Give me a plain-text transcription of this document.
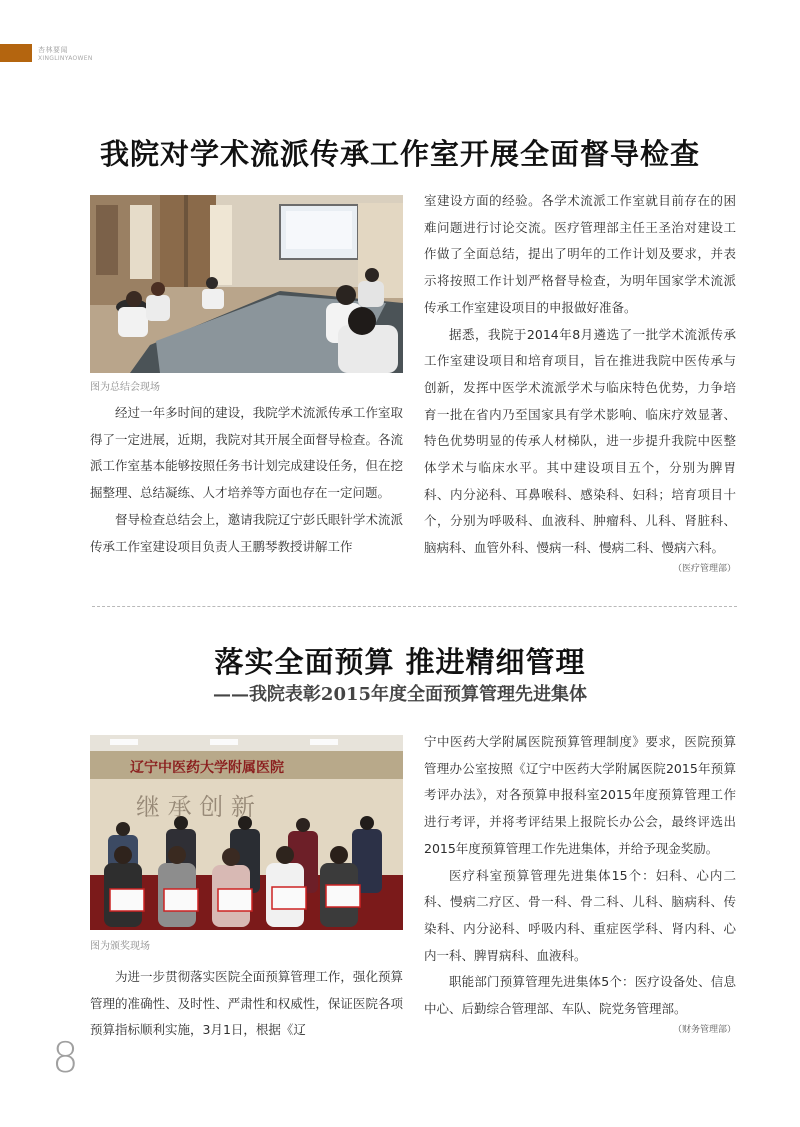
杏林要闻
XINGLINYAOWEN
我院对学术流派传承工作室开展全面督导检查
图为总结会现场

经过一年多时间的建设，我院学术流派传承工作室取得了一定进展，近期，我院对其开展全面督导检查。各流派工作室基本能够按照任务书计划完成建设任务，但在挖掘整理、总结凝练、人才培养等方面也存在一定问题。

督导检查总结会上，邀请我院辽宁彭氏眼针学术流派传承工作室建设项目负责人王鹏琴教授讲解工作

室建设方面的经验。各学术流派工作室就目前存在的困难问题进行讨论交流。医疗管理部主任王圣治对建设工作做了全面总结，提出了明年的工作计划及要求，并表示将按照工作计划严格督导检查，为明年国家学术流派传承工作室建设项目的申报做好准备。

据悉，我院于2014年8月遴选了一批学术流派传承工作室建设项目和培育项目，旨在推进我院中医传承与创新，发挥中医学术流派学术与临床特色优势，力争培育一批在省内乃至国家具有学术影响、临床疗效显著、特色优势明显的传承人材梯队，进一步提升我院中医整体学术与临床水平。其中建设项目五个，分别为脾胃科、内分泌科、耳鼻喉科、感染科、妇科；培育项目十个，分别为呼吸科、血液科、肿瘤科、儿科、肾脏科、脑病科、血管外科、慢病一科、慢病二科、慢病六科。

（医疗管理部）

落实全面预算 推进精细管理
——我院表彰2015年度全面预算管理先进集体
辽宁中医药大学附属医院
继 承 创 新
图为颁奖现场

为进一步贯彻落实医院全面预算管理工作，强化预算管理的准确性、及时性、严肃性和权威性，保证医院各项预算指标顺利实施，3月1日，根据《辽

宁中医药大学附属医院预算管理制度》要求，医院预算管理办公室按照《辽宁中医药大学附属医院2015年预算考评办法》，对各预算申报科室2015年度预算管理工作进行考评，并将考评结果上报院长办公会，最终评选出2015年度预算管理工作先进集体，并给予现金奖励。

医疗科室预算管理先进集体15个：妇科、心内二科、慢病二疗区、骨一科、骨二科、儿科、脑病科、传染科、内分泌科、呼吸内科、重症医学科、肾内科、心内一科、脾胃病科、血液科。

职能部门预算管理先进集体5个：医疗设备处、信息中心、后勤综合管理部、车队、院党务管理部。

（财务管理部）

8
